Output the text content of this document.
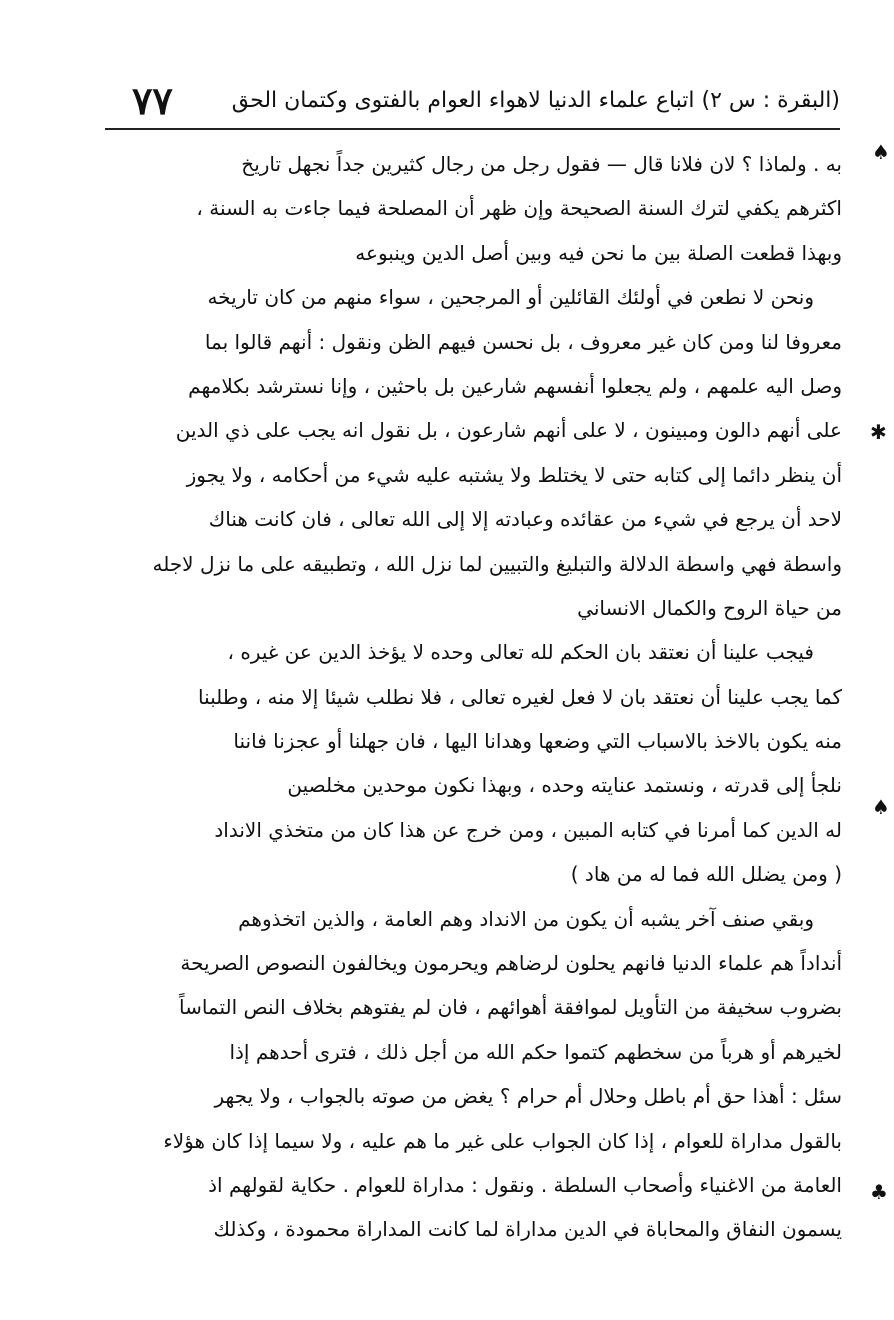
(البقرة : س ٢) اتباع علماء الدنيا لاهواء العوام بالفتوى وكتمان الحق
٧٧
به . ولماذا ؟ لان فلانا قال — فقول رجل من رجال كثيرين جداً نجهل تاريخ
اكثرهم يكفي لترك السنة الصحيحة وإن ظهر أن المصلحة فيما جاءت به السنة ،
وبهذا قطعت الصلة بين ما نحن فيه وبين أصل الدين وينبوعه
ونحن لا نطعن في أولئك القائلين أو المرجحين ، سواء منهم من كان تاريخه
معروفا لنا ومن كان غير معروف ، بل نحسن فيهم الظن ونقول : أنهم قالوا بما
وصل اليه علمهم ، ولم يجعلوا أنفسهم شارعين بل باحثين ، وإنا نسترشد بكلامهم
على أنهم دالون ومبينون ، لا على أنهم شارعون ، بل نقول انه يجب على ذي الدين
أن ينظر دائما إلى كتابه حتى لا يختلط ولا يشتبه عليه شيء من أحكامه ، ولا يجوز
لاحد أن يرجع في شيء من عقائده وعبادته إلا إلى الله تعالى ، فان كانت هناك
واسطة فهي واسطة الدلالة والتبليغ والتبيين لما نزل الله ، وتطبيقه على ما نزل لاجله
من حياة الروح والكمال الانساني
فيجب علينا أن نعتقد بان الحكم لله تعالى وحده لا يؤخذ الدين عن غيره ،
كما يجب علينا أن نعتقد بان لا فعل لغيره تعالى ، فلا نطلب شيئا إلا منه ، وطلبنا
منه يكون بالاخذ بالاسباب التي وضعها وهدانا اليها ، فان جهلنا أو عجزنا فاننا
نلجأ إلى قدرته ، ونستمد عنايته وحده ، وبهذا نكون موحدين مخلصين
له الدين كما أمرنا في كتابه المبين ، ومن خرج عن هذا كان من متخذي الانداد
( ومن يضلل الله فما له من هاد )
وبقي صنف آخر يشبه أن يكون من الانداد وهم العامة ، والذين اتخذوهم
أنداداً هم علماء الدنيا فانهم يحلون لرضاهم ويحرمون ويخالفون النصوص الصريحة
بضروب سخيفة من التأويل لموافقة أهوائهم ، فان لم يفتوهم بخلاف النص التماساً
لخيرهم أو هرباً من سخطهم كتموا حكم الله من أجل ذلك ، فترى أحدهم إذا
سئل : أهذا حق أم باطل وحلال أم حرام ؟ يغض من صوته بالجواب ، ولا يجهر
بالقول مداراة للعوام ، إذا كان الجواب على غير ما هم عليه ، ولا سيما إذا كان هؤلاء
العامة من الاغنياء وأصحاب السلطة . ونقول : مداراة للعوام . حكاية لقولهم اذ
يسمون النفاق والمحاباة في الدين مداراة لما كانت المداراة محمودة ، وكذلك
♠
✱
♠
♣
